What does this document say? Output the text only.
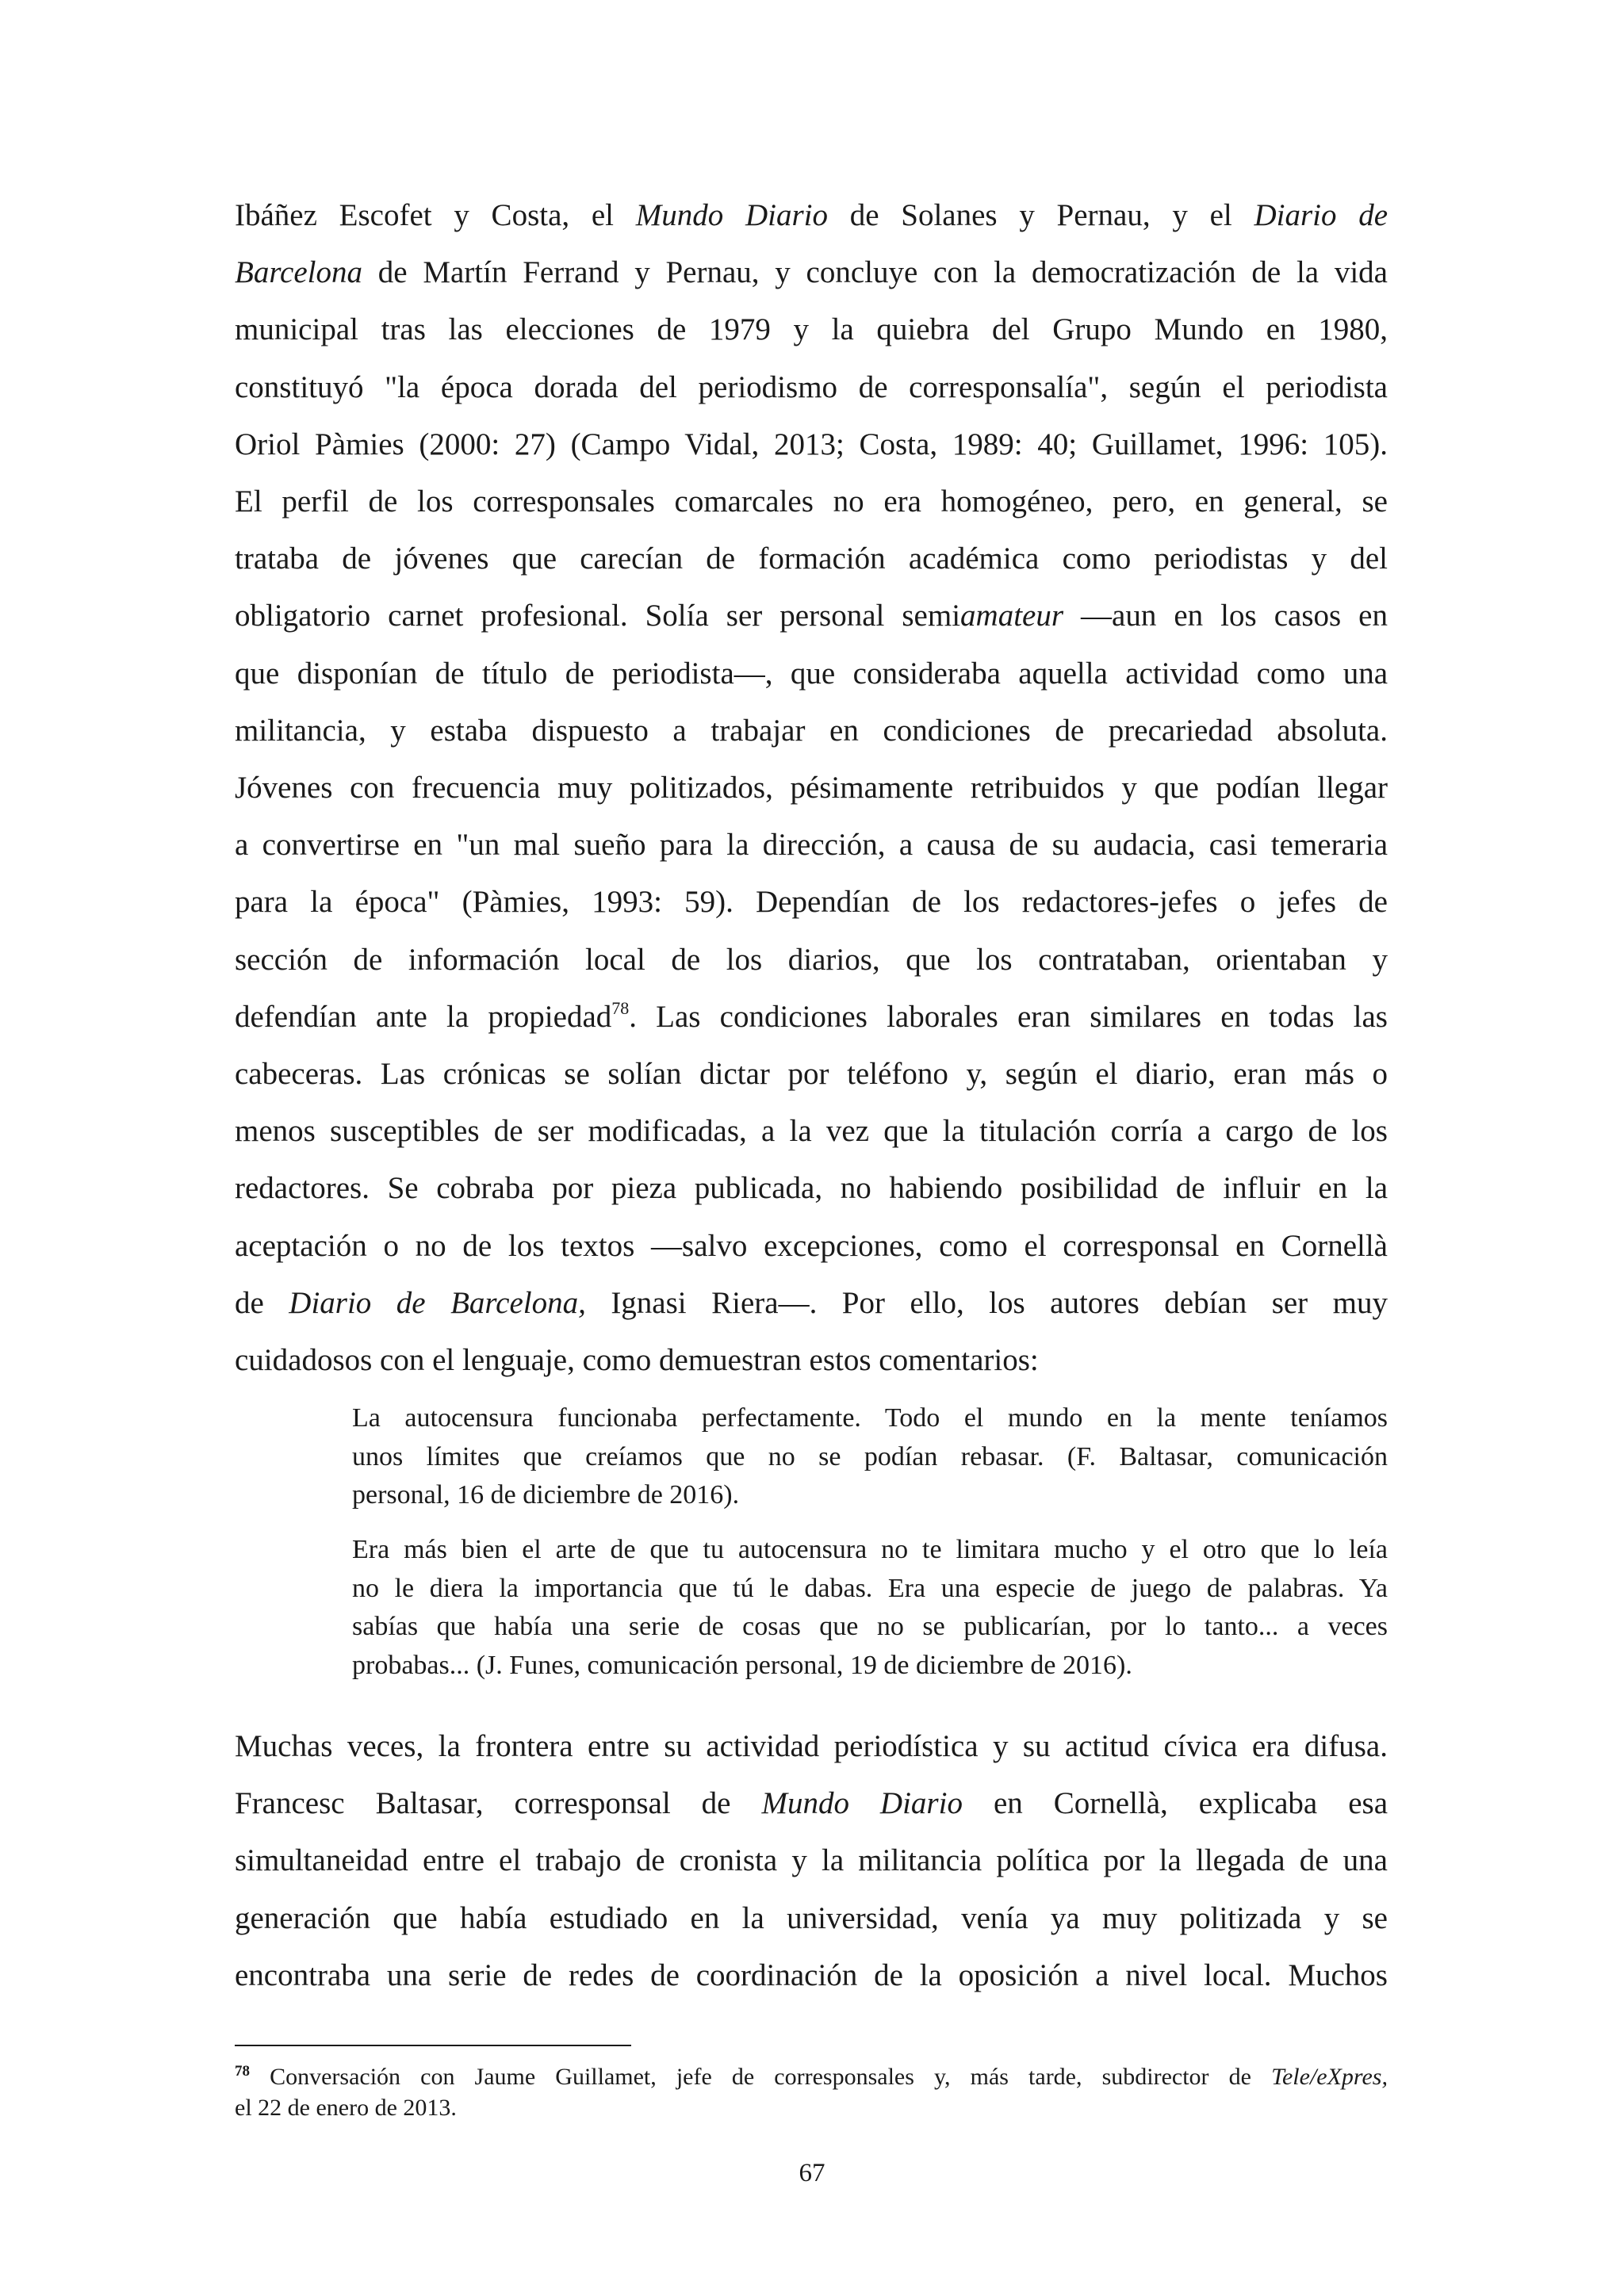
Ibáñez Escofet y Costa, el Mundo Diario de Solanes y Pernau, y el Diario de
Barcelona de Martín Ferrand y Pernau, y concluye con la democratización de la vida
municipal tras las elecciones de 1979 y la quiebra del Grupo Mundo en 1980,
constituyó "la época dorada del periodismo de corresponsalía", según el periodista
Oriol Pàmies (2000: 27) (Campo Vidal, 2013; Costa, 1989: 40; Guillamet, 1996: 105).
El perfil de los corresponsales comarcales no era homogéneo, pero, en general, se
trataba de jóvenes que carecían de formación académica como periodistas y del
obligatorio carnet profesional. Solía ser personal semiamateur —aun en los casos en
que disponían de título de periodista—, que consideraba aquella actividad como una
militancia, y estaba dispuesto a trabajar en condiciones de precariedad absoluta.
Jóvenes con frecuencia muy politizados, pésimamente retribuidos y que podían llegar
a convertirse en "un mal sueño para la dirección, a causa de su audacia, casi temeraria
para la época" (Pàmies, 1993: 59). Dependían de los redactores-jefes o jefes de
sección de información local de los diarios, que los contrataban, orientaban y
defendían ante la propiedad$^{78}$. Las condiciones laborales eran similares en todas las
cabeceras. Las crónicas se solían dictar por teléfono y, según el diario, eran más o
menos susceptibles de ser modificadas, a la vez que la titulación corría a cargo de los
redactores. Se cobraba por pieza publicada, no habiendo posibilidad de influir en la
aceptación o no de los textos —salvo excepciones, como el corresponsal en Cornellà
de Diario de Barcelona, Ignasi Riera—. Por ello, los autores debían ser muy
cuidadosos con el lenguaje, como demuestran estos comentarios:

La autocensura funcionaba perfectamente. Todo el mundo en la mente teníamos
unos límites que creíamos que no se podían rebasar. (F. Baltasar, comunicación
personal, 16 de diciembre de 2016).
Era más bien el arte de que tu autocensura no te limitara mucho y el otro que lo leía
no le diera la importancia que tú le dabas. Era una especie de juego de palabras. Ya
sabías que había una serie de cosas que no se publicarían, por lo tanto... a veces
probabas... (J. Funes, comunicación personal, 19 de diciembre de 2016).

Muchas veces, la frontera entre su actividad periodística y su actitud cívica era difusa.
Francesc Baltasar, corresponsal de Mundo Diario en Cornellà, explicaba esa
simultaneidad entre el trabajo de cronista y la militancia política por la llegada de una
generación que había estudiado en la universidad, venía ya muy politizada y se
encontraba una serie de redes de coordinación de la oposición a nivel local. Muchos

$^{78}$ Conversación con Jaume Guillamet, jefe de corresponsales y, más tarde, subdirector de Tele/eXpres,
el 22 de enero de 2013.
67
